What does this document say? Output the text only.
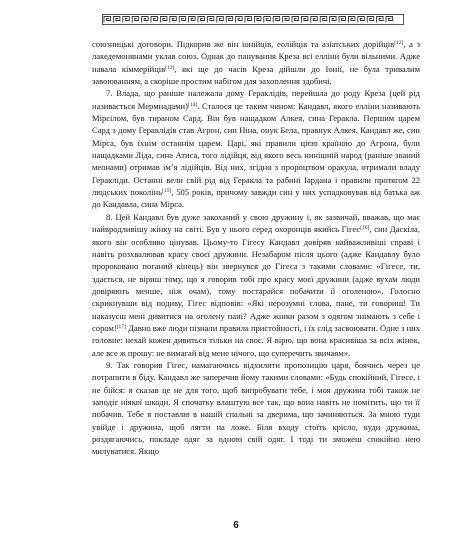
союзницькі договори. Підкорив же він іонійців, еолійців та азіатських дорійців[12], а з лакедемонянами уклав союз. Однак до панування Креза всі елліни були вільними. Адже навала кіммерійців[13], які ще до часів Креза дійшли до Іонії, не була тривалим завоюванням, а скоріше простим набігом для захоплення здобичі.

7. Влада, що раніше належала дому Гераклідів, перейшла до роду Креза (цей рід називається Мермнадами)[14]. Сталося це таким чином: Кандавл, якого елліни називають Мірсілом, був тираном Сард. Він був нащадком Алкея, сина Геракла. Першим царем Сард з дому Гераклідів став Агрон, син Ніна, онук Бела, правнук Алкея. Кандавл же, син Мірса, був їхнім останнім царем. Царі, які правили цією країною до Агрона, були нащадками Ліда, сина Атиса, того лідійця, від якого весь нинішній народ (раніше званий меонами) отримав ім’я лідійців. Від них, згідно з пророцтвом оракула, отримали владу Геракліди. Останні вели свій рід від Геракла та рабині Іардана і правили протягом 22 людських поколінь[15], 505 років, причому завжди син у них успадковував від батька аж до Кандавла, сина Мірса.

8. Цей Кандавл був дуже закоханий у свою дружину і, як зазвичай, вважав, що має найвродливішу жінку на світі. Був у нього серед охоронців якийсь Гігес[16], син Даскіла, якого він особливо цінував. Цьому-то Гігесу Кандавл довіряв найважливіші справі і навіть розхвалював красу своєї дружини. Незабаром після цього (адже Кандавлу було пророковано поганий кінець) він звернувся до Гігеса з такими словами: «Гігесе, ти, здається, не віриш тому, що я говорив тобі про красу моєї дружини (адже вухам люди довіряють менше, ніж очам), тому постарайся побачити її оголеною». Голосно скрикнувши від подиву, Гігес відповів: «Які нерозумні слова, пане, ти говориш! Ти наказуєш мені дивитися на оголену пані? Адже жінки разом з одягом знімають з себе і сором![17] Давно вже люди пізнали правила пристойності, і їх слід засвоювати. Одне з них головне: нехай кожен дивиться тільки на своє. Я вірю, що вона красивіша за всіх жінок, але все ж прошу: не вимагай від мене нічого, що суперечить звичаям».

9. Так говорив Гігес, намагаючись відхилити пропозицію царя, боячись через це потрапити в біду. Кандавл же заперечив йому такими словами: «Будь спокійний, Гігесе, і не бійся: я сказав це не для того, щоб випробувати тебе, і моя дружина тобі також не заподіє ніякої шкоди. Я спочатку влаштую все так, що вона навіть не помітить, що ти її побачив. Тебе я поставлю в нашій спальні за дверима, що зачиняються. За мною туди увійде і дружина, щоб лягти на ложе. Біля входу стоїть крісло, куди дружина, роздягаючись, покладе одяг за одною свій одяг. І тоді ти зможеш спокійно нею милуватися. Якщо

6
